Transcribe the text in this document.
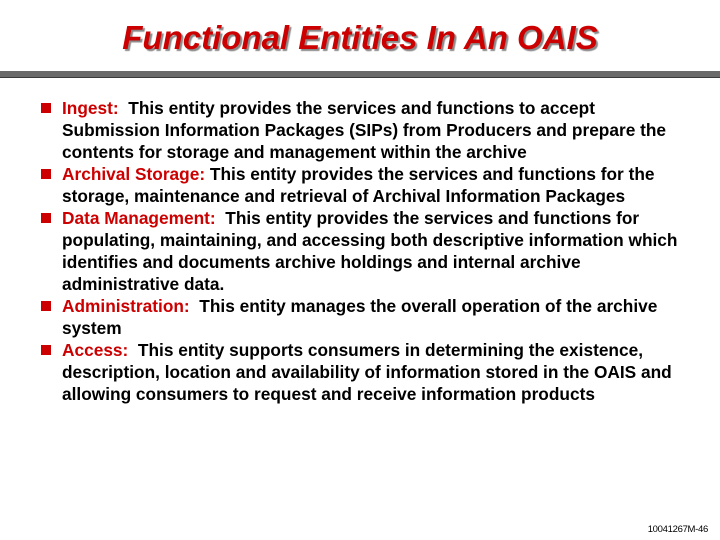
Functional Entities In An OAIS
Ingest: This entity provides the services and functions to accept Submission Information Packages (SIPs) from Producers and prepare the contents for storage and management within the archive
Archival Storage: This entity provides the services and functions for the storage, maintenance and retrieval of Archival Information Packages
Data Management: This entity provides the services and functions for populating, maintaining, and accessing both descriptive information which identifies and documents archive holdings and internal archive administrative data.
Administration: This entity manages the overall operation of the archive system
Access: This entity supports consumers in determining the existence, description, location and availability of information stored in the OAIS and allowing consumers to request and receive information products
10041267M-46
